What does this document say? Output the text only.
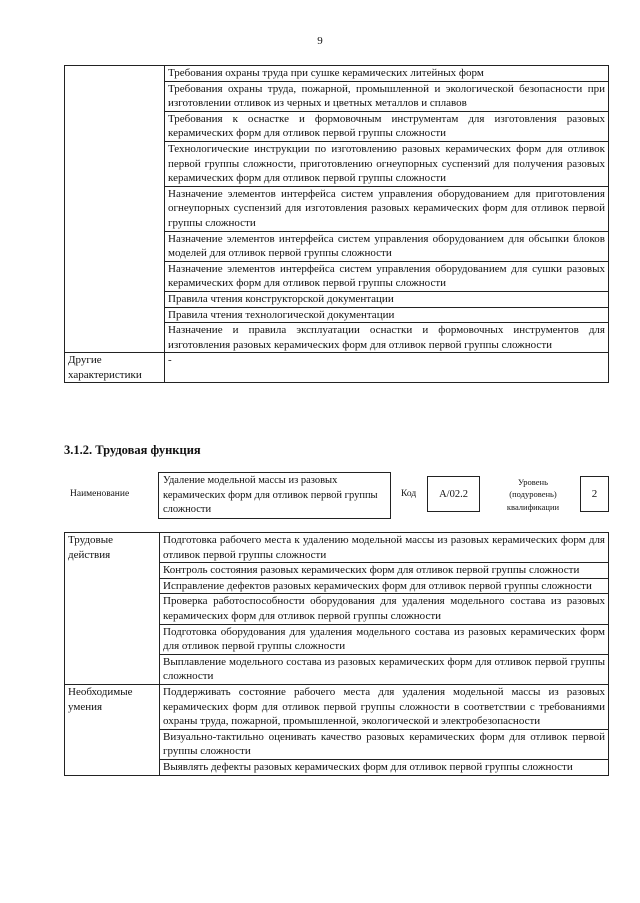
9
	Требования охраны труда при сушке керамических литейных форм
	Требования охраны труда, пожарной, промышленной и экологической безопасности при изготовлении отливок из черных и цветных металлов и сплавов
	Требования к оснастке и формовочным инструментам для изготовления разовых керамических форм для отливок первой группы сложности
	Технологические инструкции по изготовлению разовых керамических форм для отливок первой группы сложности, приготовлению огнеупорных суспензий для получения разовых керамических форм для отливок первой группы сложности
	Назначение элементов интерфейса систем управления оборудованием для приготовления огнеупорных суспензий для изготовления разовых керамических форм для отливок первой группы сложности
	Назначение элементов интерфейса систем управления оборудованием для обсыпки блоков моделей для отливок первой группы сложности
	Назначение элементов интерфейса систем управления оборудованием для сушки разовых керамических форм для отливок первой группы сложности
	Правила чтения конструкторской документации
	Правила чтения технологической документации
	Назначение и правила эксплуатации оснастки и формовочных инструментов для изготовления разовых керамических форм для отливок первой группы сложности
Другие характеристики	-
3.1.2. Трудовая функция
Наименование
Удаление модельной массы из разовых керамических форм для отливок первой группы сложности
Код	A/02.2
Уровень
(подуровень)
квалификации
2
Трудовые действия	Подготовка рабочего места к удалению модельной массы из разовых керамических форм для отливок первой группы сложности
	Контроль состояния разовых керамических форм для отливок первой группы сложности
	Исправление дефектов разовых керамических форм для отливок первой группы сложности
	Проверка работоспособности оборудования для удаления модельного состава из разовых керамических форм для отливок первой группы сложности
	Подготовка оборудования для удаления модельного состава из разовых керамических форм для отливок первой группы сложности
	Выплавление модельного состава из разовых керамических форм для отливок первой группы сложности
Необходимые умения	Поддерживать состояние рабочего места для удаления модельной массы из разовых керамических форм для отливок первой группы сложности в соответствии с требованиями охраны труда, пожарной, промышленной, экологической и электробезопасности
	Визуально-тактильно оценивать качество разовых керамических форм для отливок первой группы сложности
	Выявлять дефекты разовых керамических форм для отливок первой группы сложности
